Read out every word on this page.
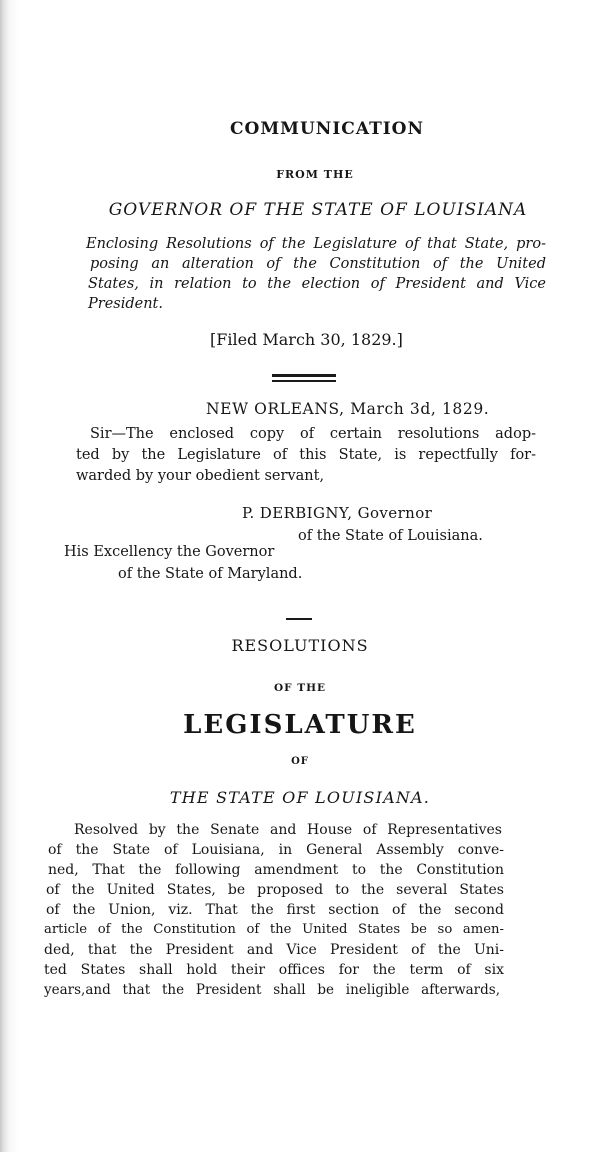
COMMUNICATION
FROM THE
GOVERNOR OF THE STATE OF LOUISIANA
Enclosing Resolutions of the Legislature of that State, pro-
posing an alteration of the Constitution of the United
States, in relation to the election of President and Vice
President.
[Filed March 30, 1829.]
NEW ORLEANS, March 3d, 1829.
Sir—The enclosed copy of certain resolutions adop-
ted by the Legislature of this State, is repectfully for-
warded by your obedient servant,
P. DERBIGNY, Governor
of the State of Louisiana.
His Excellency the Governor
of the State of Maryland.
RESOLUTIONS
OF THE
LEGISLATURE
OF
THE STATE OF LOUISIANA.
Resolved by the Senate and House of Representatives
of the State of Louisiana, in General Assembly conve-
ned, That the following amendment to the Constitution
of the United States, be proposed to the several States
of the Union, viz. That the first section of the second
article of the Constitution of the United States be so amen-
ded, that the President and Vice President of the Uni-
ted States shall hold their offices for the term of six
years,and that the President shall be ineligible afterwards,
